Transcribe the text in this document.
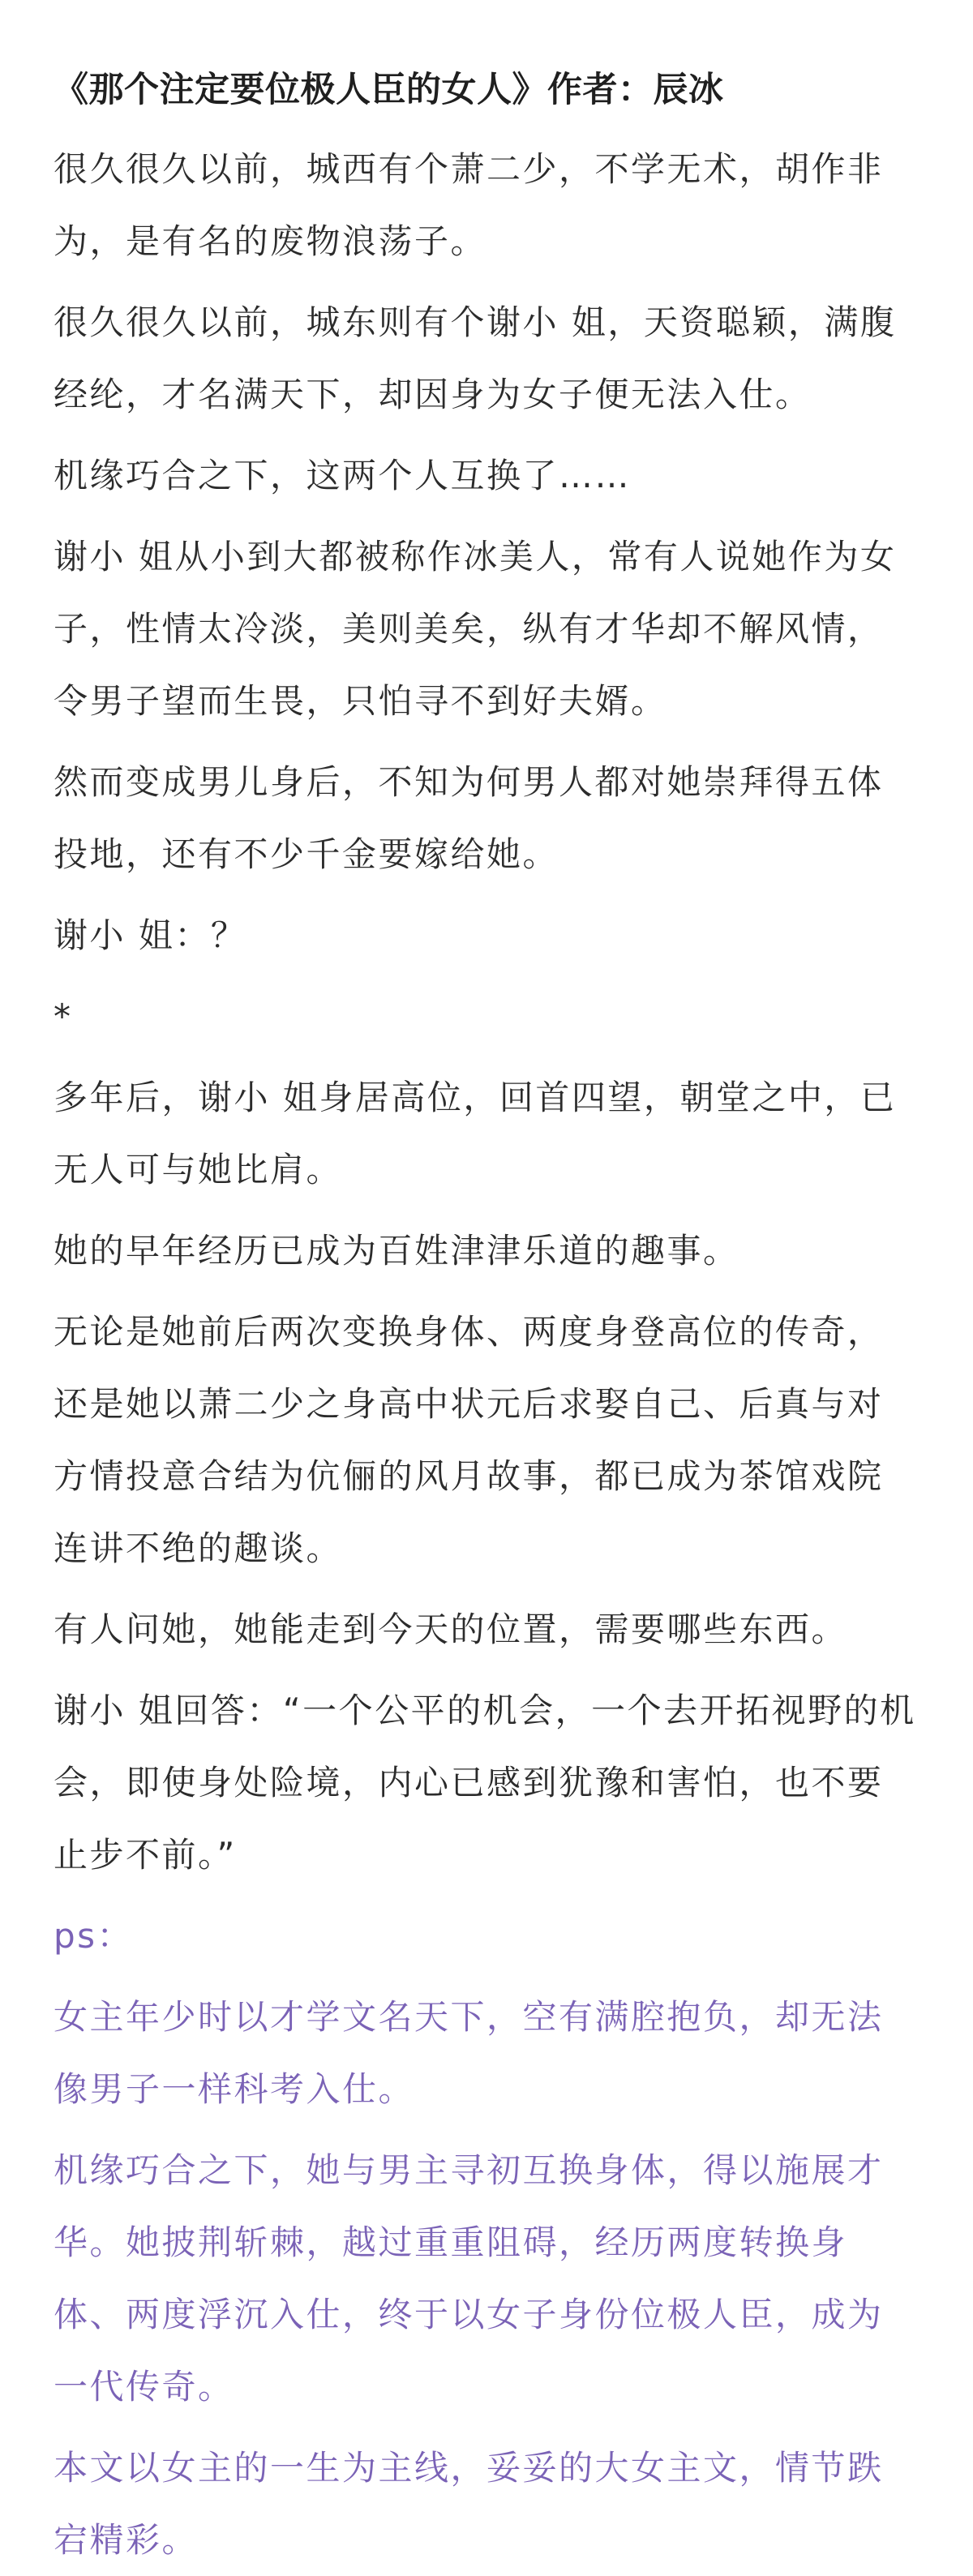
《那个注定要位极人臣的女人》作者：辰冰

很久很久以前，城西有个萧二少，不学无术，胡作非为，是有名的废物浪荡子。

很久很久以前，城东则有个谢小 姐，天资聪颖，满腹经纶，才名满天下，却因身为女子便无法入仕。

机缘巧合之下，这两个人互换了……

谢小 姐从小到大都被称作冰美人，常有人说她作为女子，性情太冷淡，美则美矣，纵有才华却不解风情，令男子望而生畏，只怕寻不到好夫婿。

然而变成男儿身后，不知为何男人都对她崇拜得五体投地，还有不少千金要嫁给她。

谢小 姐：？

*

多年后，谢小 姐身居高位，回首四望，朝堂之中，已无人可与她比肩。

她的早年经历已成为百姓津津乐道的趣事。

无论是她前后两次变换身体、两度身登高位的传奇，还是她以萧二少之身高中状元后求娶自己、后真与对方情投意合结为伉俪的风月故事，都已成为茶馆戏院连讲不绝的趣谈。

有人问她，她能走到今天的位置，需要哪些东西。

谢小 姐回答：“一个公平的机会，一个去开拓视野的机会，即使身处险境，内心已感到犹豫和害怕，也不要止步不前。”

ps：

女主年少时以才学文名天下，空有满腔抱负，却无法像男子一样科考入仕。

机缘巧合之下，她与男主寻初互换身体，得以施展才华。她披荆斩棘，越过重重阻碍，经历两度转换身体、两度浮沉入仕，终于以女子身份位极人臣，成为一代传奇。

本文以女主的一生为主线，妥妥的大女主文，情节跌宕精彩。
